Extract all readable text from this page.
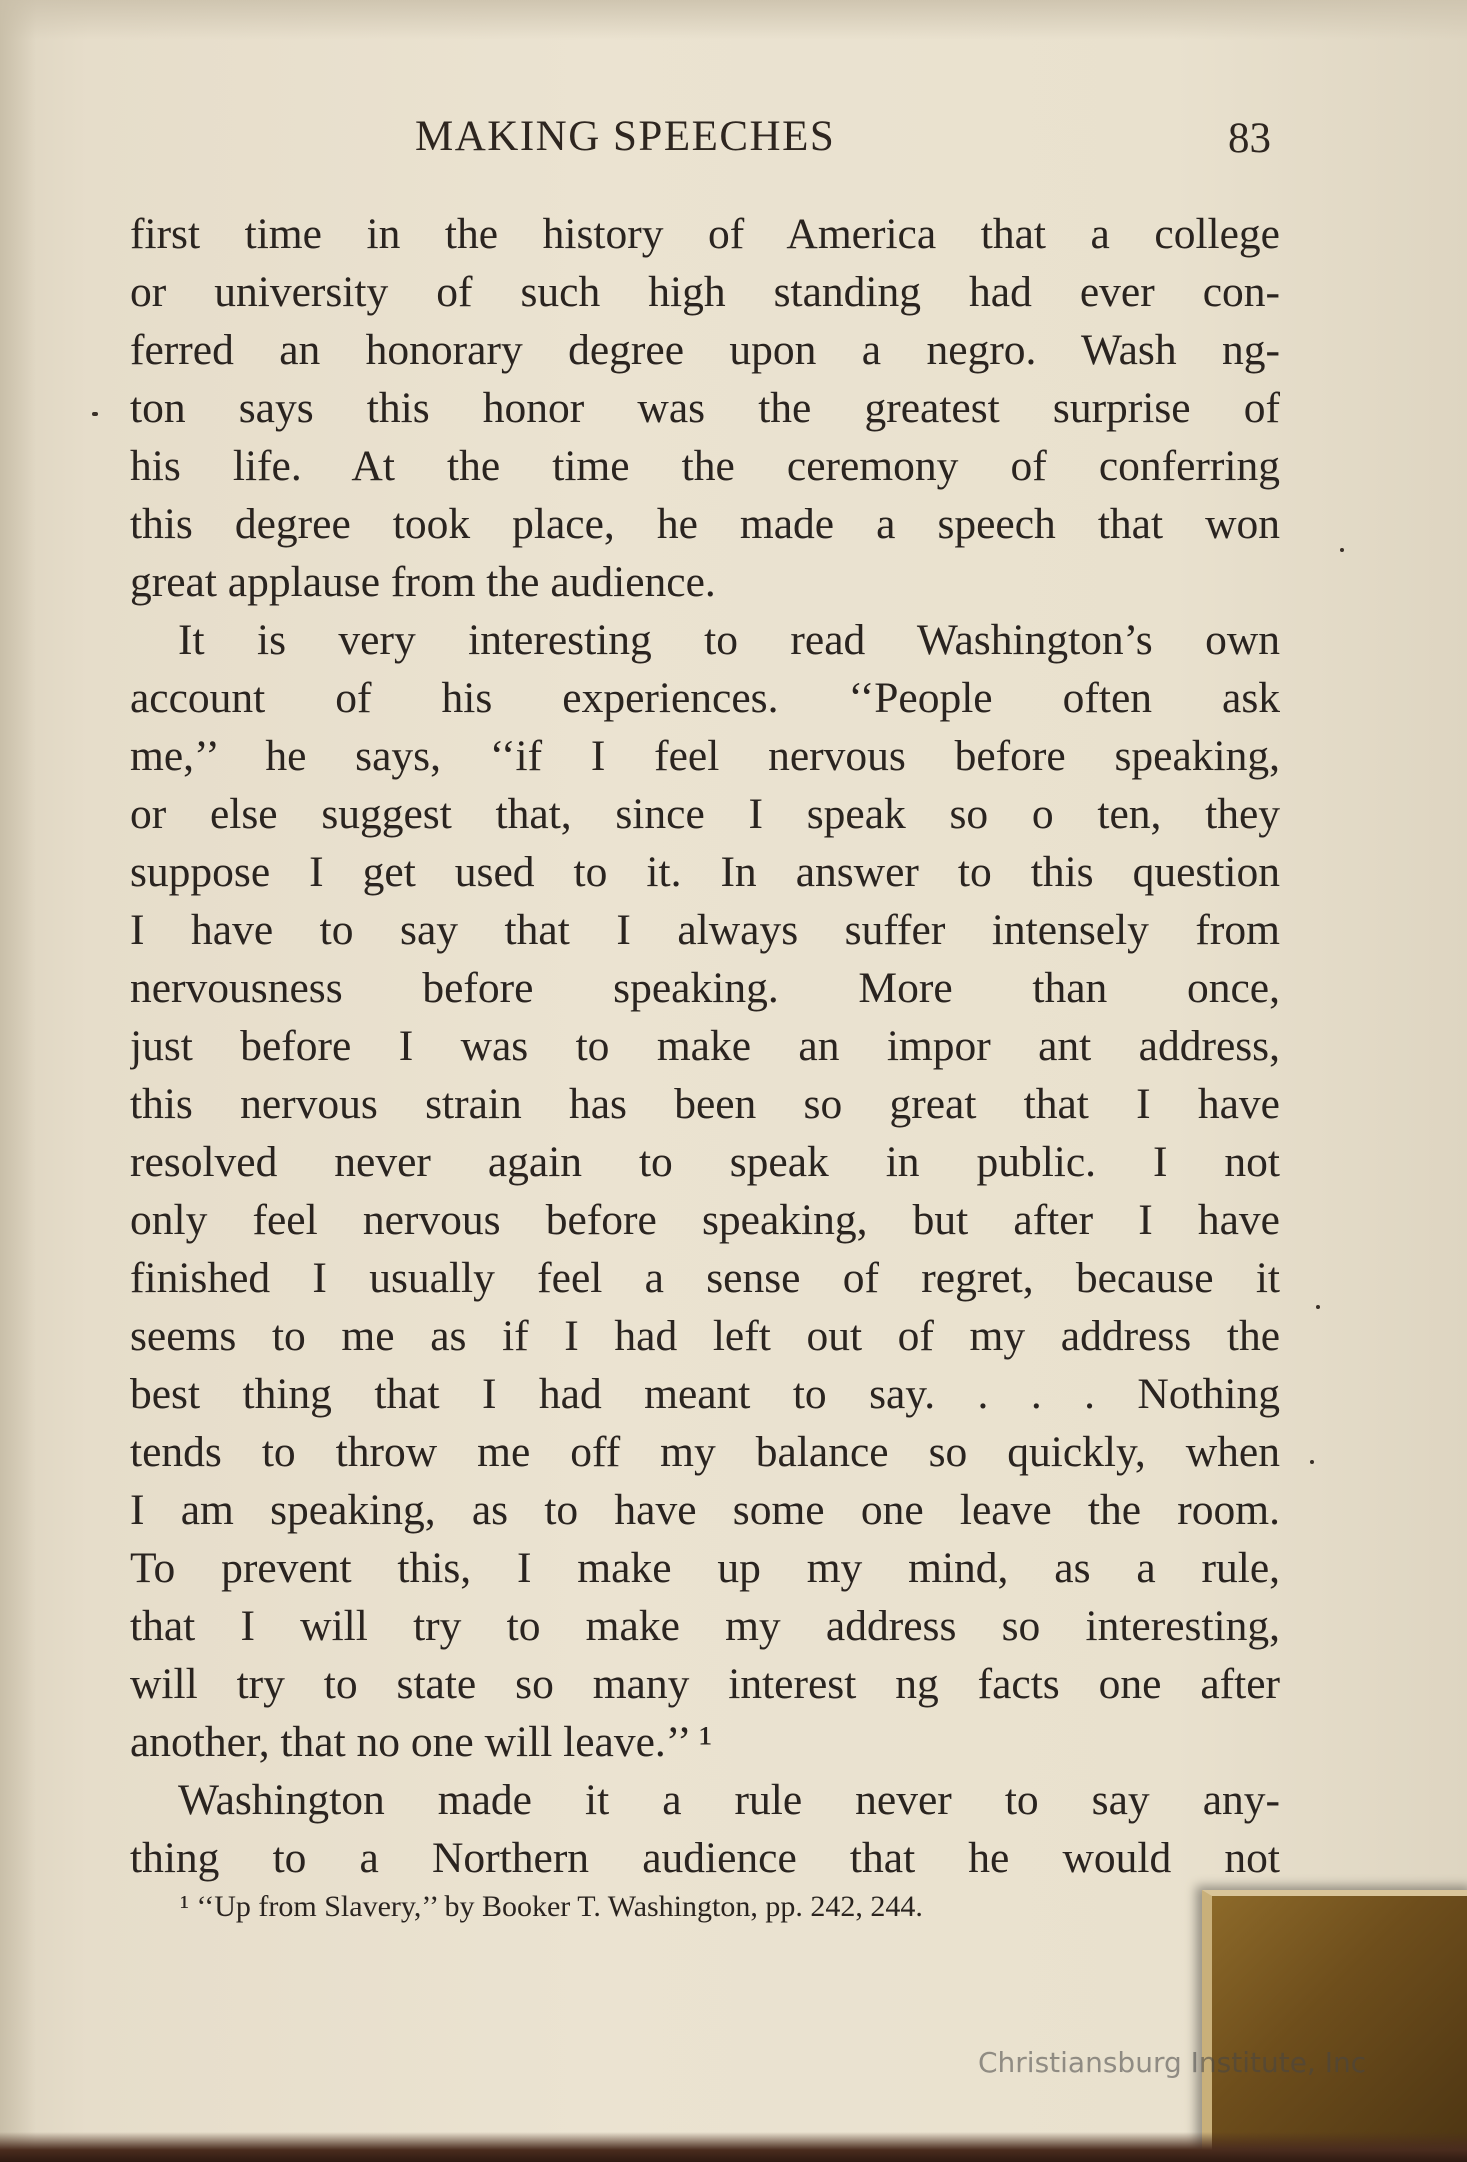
MAKING SPEECHES	83

first time in the history of America that a college
or university of such high standing had ever con-
ferred an honorary degree upon a negro. Wash ng-
ton says this honor was the greatest surprise of
his life. At the time the ceremony of conferring
this degree took place, he made a speech that won
great applause from the audience.

It is very interesting to read Washington’s own
account of his experiences. ‘‘People often ask
me,’’ he says, ‘‘if I feel nervous before speaking,
or else suggest that, since I speak so o ten, they
suppose I get used to it. In answer to this question
I have to say that I always suffer intensely from
nervousness before speaking. More than once,
just before I was to make an impor ant address,
this nervous strain has been so great that I have
resolved never again to speak in public. I not
only feel nervous before speaking, but after I have
finished I usually feel a sense of regret, because it
seems to me as if I had left out of my address the
best thing that I had meant to say. . . . Nothing
tends to throw me off my balance so quickly, when
I am speaking, as to have some one leave the room.
To prevent this, I make up my mind, as a rule,
that I will try to make my address so interesting,
will try to state so many interest ng facts one after
another, that no one will leave.’’ ¹

Washington made it a rule never to say any-
thing to a Northern audience that he would not

¹ ‘‘Up from Slavery,’’ by Booker T. Washington, pp. 242, 244.
Christiansburg Institute, Inc
